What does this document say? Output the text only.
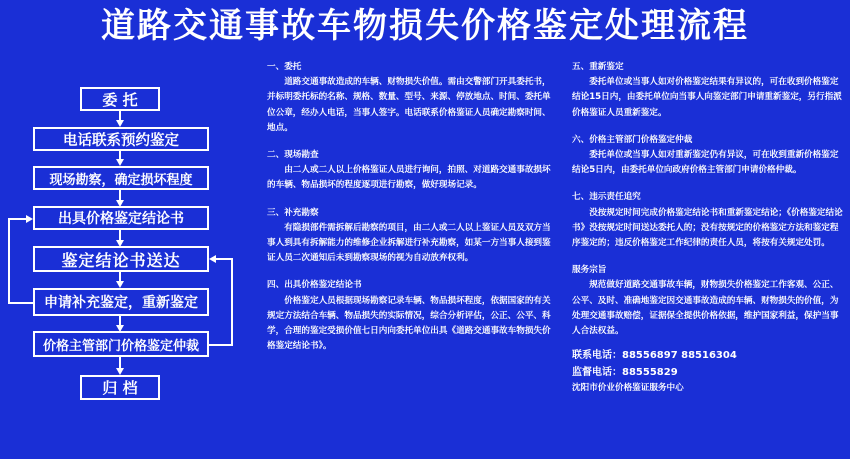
道路交通事故车物损失价格鉴定处理流程
委 托
电话联系预约鉴定
现场勘察，确定损坏程度
出具价格鉴定结论书
鉴定结论书送达
申请补充鉴定，重新鉴定
价格主管部门价格鉴定仲裁
归 档

一、委托

道路交通事故造成的车辆、财物损失价值。需由交警部门开具委托书，并标明委托标的名称、规格、数量、型号、来源、停放地点、时间、委托单位公章，经办人电话，当事人签字。电话联系价格鉴证人员确定勘察时间、地点。

二、现场勘查

由二人或二人以上价格鉴证人员进行询问，拍照、对道路交通事故损坏的车辆、物品损坏的程度逐项进行勘察，做好现场记录。

三、补充勘察

有隐损部件需拆解后勘察的项目，由二人或二人以上鉴证人员及双方当事人到具有拆解能力的维修企业拆解进行补充勘察，如某一方当事人接到鉴证人员二次通知后未到勘察现场的视为自动放弃权利。

四、出具价格鉴定结论书

价格鉴定人员根据现场勘察记录车辆、物品损坏程度，依据国家的有关规定方法结合车辆、物品损失的实际情况，综合分析评估，公正、公平、科学，合理的鉴定受损价值七日内向委托单位出具《道路交通事故车物损失价格鉴定结论书》。

五、重新鉴定

委托单位或当事人如对价格鉴定结果有异议的，可在收到价格鉴定结论15日内，由委托单位向当事人向鉴定部门申请重新鉴定，另行指派价格鉴证人员重新鉴定。

六、价格主管部门价格鉴定仲裁

委托单位或当事人如对重新鉴定仍有异议，可在收到重新价格鉴定结论5日内，由委托单位向政府价格主管部门申请价格仲裁。

七、违示责任追究

没按规定时间完成价格鉴定结论书和重新鉴定结论；《价格鉴定结论书》没按规定时间送达委托人的；没有按规定的价格鉴定方法和鉴定程序鉴定的；违反价格鉴定工作纪律的责任人员，将按有关规定处罚。

服务宗旨

规范做好道路交通事故车辆，财物损失价格鉴定工作客观、公正、公平、及时、准确地鉴定因交通事故造成的车辆、财物损失的价值，为处理交通事故赔偿，证据保全提供价格依据，维护国家利益，保护当事人合法权益。

联系电话：88556897 88516304

监督电话：88555829

沈阳市价业价格鉴证服务中心
